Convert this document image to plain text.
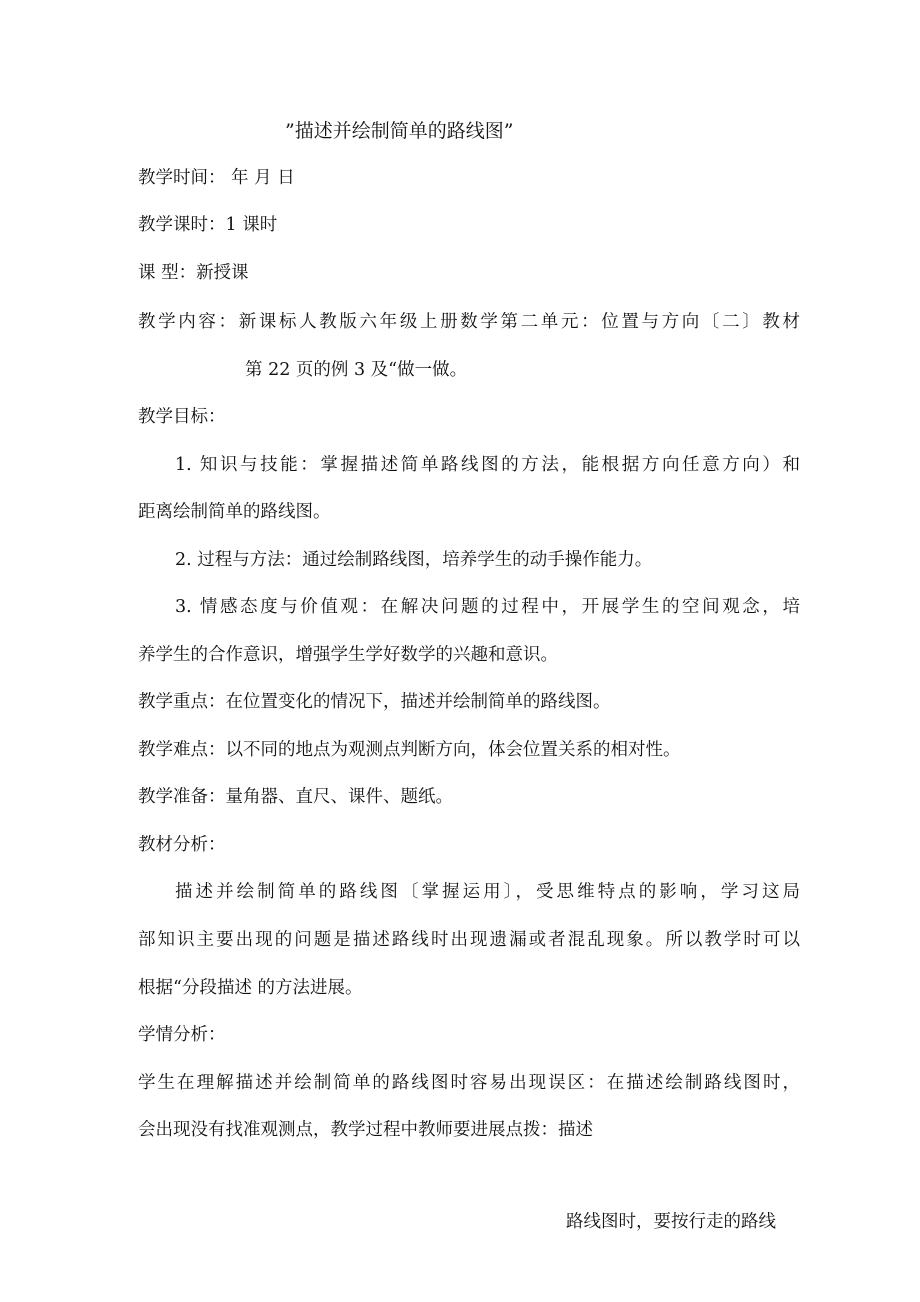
”描述并绘制简单的路线图”
教学时间： 年 月 日
教学课时：1 课时
课 型：新授课
教学内容：新课标人教版六年级上册数学第二单元：位置与方向〔二〕教材
第 22 页的例 3 及“做一做。
教学目标：
1. 知识与技能：掌握描述简单路线图的方法，能根据方向任意方向）和
距离绘制简单的路线图。
2. 过程与方法：通过绘制路线图，培养学生的动手操作能力。
3. 情感态度与价值观：在解决问题的过程中，开展学生的空间观念，培
养学生的合作意识，增强学生学好数学的兴趣和意识。
教学重点：在位置变化的情况下，描述并绘制简单的路线图。
教学难点：以不同的地点为观测点判断方向，体会位置关系的相对性。
教学准备：量角器、直尺、课件、题纸。
教材分析：
描述并绘制简单的路线图〔掌握运用〕，受思维特点的影响，学习这局
部知识主要出现的问题是描述路线时出现遗漏或者混乱现象。所以教学时可以
根据“分段描述 的方法进展。
学情分析：
学生在理解描述并绘制简单的路线图时容易出现误区：在描述绘制路线图时，
会出现没有找准观测点，教学过程中教师要进展点拨：描述
路线图时，要按行走的路线
